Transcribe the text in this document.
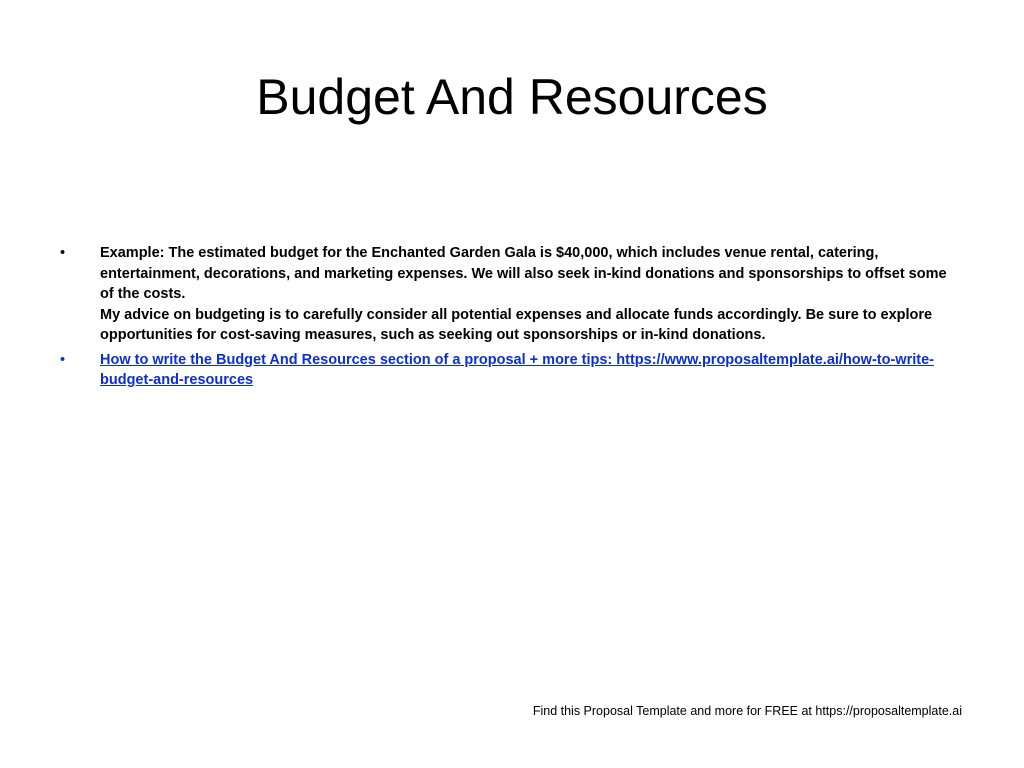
Budget And Resources
• Example: The estimated budget for the Enchanted Garden Gala is $40,000, which includes venue rental, catering, entertainment, decorations, and marketing expenses. We will also seek in-kind donations and sponsorships to offset some of the costs.

My advice on budgeting is to carefully consider all potential expenses and allocate funds accordingly. Be sure to explore opportunities for cost-saving measures, such as seeking out sponsorships or in-kind donations.

• How to write the Budget And Resources section of a proposal + more tips: https://www.proposaltemplate.ai/how-to-write-budget-and-resources
Find this Proposal Template and more for FREE at https://proposaltemplate.ai
